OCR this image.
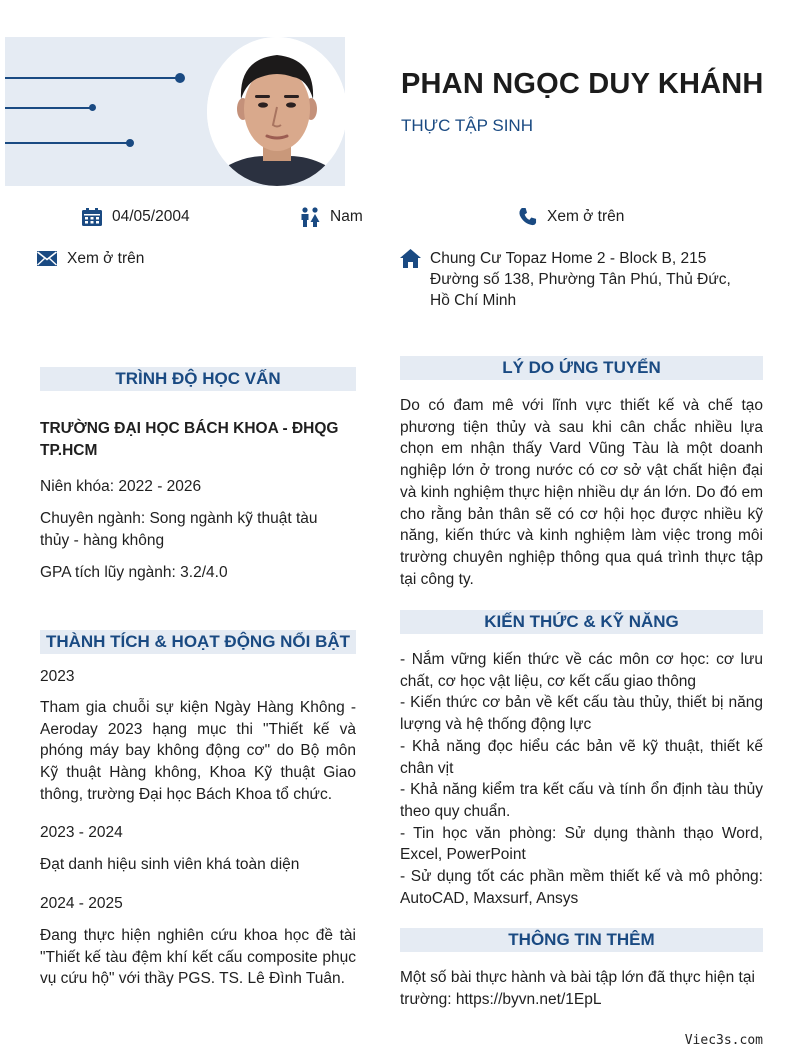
PHAN NGỌC DUY KHÁNH
THỰC TẬP SINH
04/05/2004	Nam	Xem ở trên
Xem ở trên	Chung Cư Topaz Home 2 - Block B, 215
Đường số 138, Phường Tân Phú, Thủ Đức,
Hồ Chí Minh
TRÌNH ĐỘ HỌC VẤN
TRƯỜNG ĐẠI HỌC BÁCH KHOA - ĐHQG
TP.HCM
Niên khóa: 2022 - 2026
Chuyên ngành: Song ngành kỹ thuật tàu
thủy - hàng không
GPA tích lũy ngành: 3.2/4.0
THÀNH TÍCH & HOẠT ĐỘNG NỔI BẬT
2023
Tham gia chuỗi sự kiện Ngày Hàng Không - Aeroday 2023 hạng mục thi "Thiết kế và phóng máy bay không động cơ" do Bộ môn Kỹ thuật Hàng không, Khoa Kỹ thuật Giao thông, trường Đại học Bách Khoa tổ chức.
2023 - 2024
Đạt danh hiệu sinh viên khá toàn diện
2024 - 2025
Đang thực hiện nghiên cứu khoa học đề tài "Thiết kế tàu đệm khí kết cấu composite phục vụ cứu hộ" với thầy PGS. TS. Lê Đình Tuân.
LÝ DO ỨNG TUYỂN
Do có đam mê với lĩnh vực thiết kế và chế tạo phương tiện thủy và sau khi cân chắc nhiều lựa chọn em nhận thấy Vard Vũng Tàu là một doanh nghiệp lớn ở trong nước có cơ sở vật chất hiện đại và kinh nghiệm thực hiện nhiều dự án lớn. Do đó em cho rằng bản thân sẽ có cơ hội học được nhiều kỹ năng, kiến thức và kinh nghiệm làm việc trong môi trường chuyên nghiệp thông qua quá trình thực tập tại công ty.
KIẾN THỨC & KỸ NĂNG
- Nắm vững kiến thức về các môn cơ học: cơ lưu chất, cơ học vật liệu, cơ kết cấu giao thông
- Kiến thức cơ bản về kết cấu tàu thủy, thiết bị năng lượng và hệ thống động lực
- Khả năng đọc hiểu các bản vẽ kỹ thuật, thiết kế chân vịt
- Khả năng kiểm tra kết cấu và tính ổn định tàu thủy theo quy chuẩn.
- Tin học văn phòng: Sử dụng thành thạo Word, Excel, PowerPoint
- Sử dụng tốt các phần mềm thiết kế và mô phỏng: AutoCAD, Maxsurf, Ansys
THÔNG TIN THÊM
Một số bài thực hành và bài tập lớn đã thực hiện tại trường: https://byvn.net/1EpL
Viec3s.com
